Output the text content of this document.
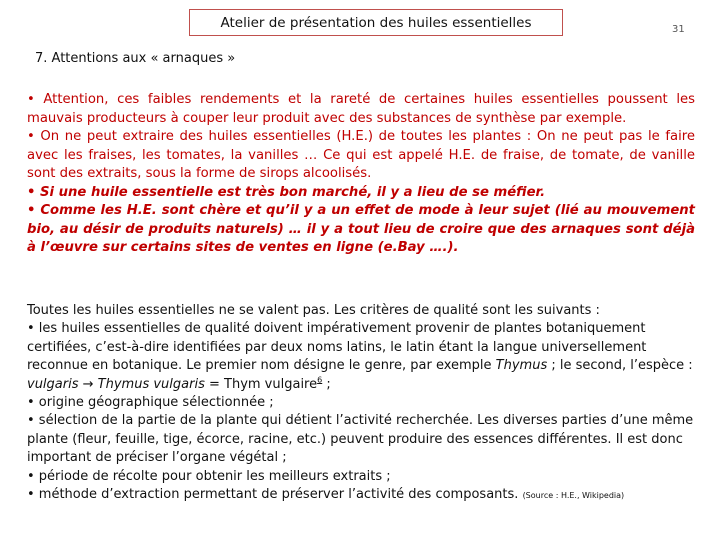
Atelier de présentation des huiles essentielles	31
7. Attentions aux « arnaques »

• Attention, ces faibles rendements et la rareté de certaines huiles essentielles poussent les mauvais producteurs à couper leur produit avec des substances de synthèse par exemple.

• On ne peut extraire des huiles essentielles (H.E.) de toutes les plantes : On ne peut pas le faire avec les fraises, les tomates, la vanilles … Ce qui est appelé H.E. de fraise, de tomate, de vanille sont des extraits, sous la forme de sirops alcoolisés.

• Si une huile essentielle est très bon marché, il y a lieu de se méfier.

• Comme les H.E. sont chère et qu’il y a un effet de mode à leur sujet (lié au mouvement bio, au désir de produits naturels) … il y a tout lieu de croire que des arnaques sont déjà à l’œuvre sur certains sites de ventes en ligne (e.Bay ….).

Toutes les huiles essentielles ne se valent pas. Les critères de qualité sont les suivants :

• les huiles essentielles de qualité doivent impérativement provenir de plantes botaniquement certifiées, c’est-à-dire identifiées par deux noms latins, le latin étant la langue universellement reconnue en botanique. Le premier nom désigne le genre, par exemple Thymus ; le second, l’espèce : vulgaris → Thymus vulgaris = Thym vulgaire$^6$ ;

• origine géographique sélectionnée ;

• sélection de la partie de la plante qui détient l’activité recherchée. Les diverses parties d’une même plante (fleur, feuille, tige, écorce, racine, etc.) peuvent produire des essences différentes. Il est donc important de préciser l’organe végétal ;

• période de récolte pour obtenir les meilleurs extraits ;

• méthode d’extraction permettant de préserver l’activité des composants. (Source : H.E., Wikipedia)
